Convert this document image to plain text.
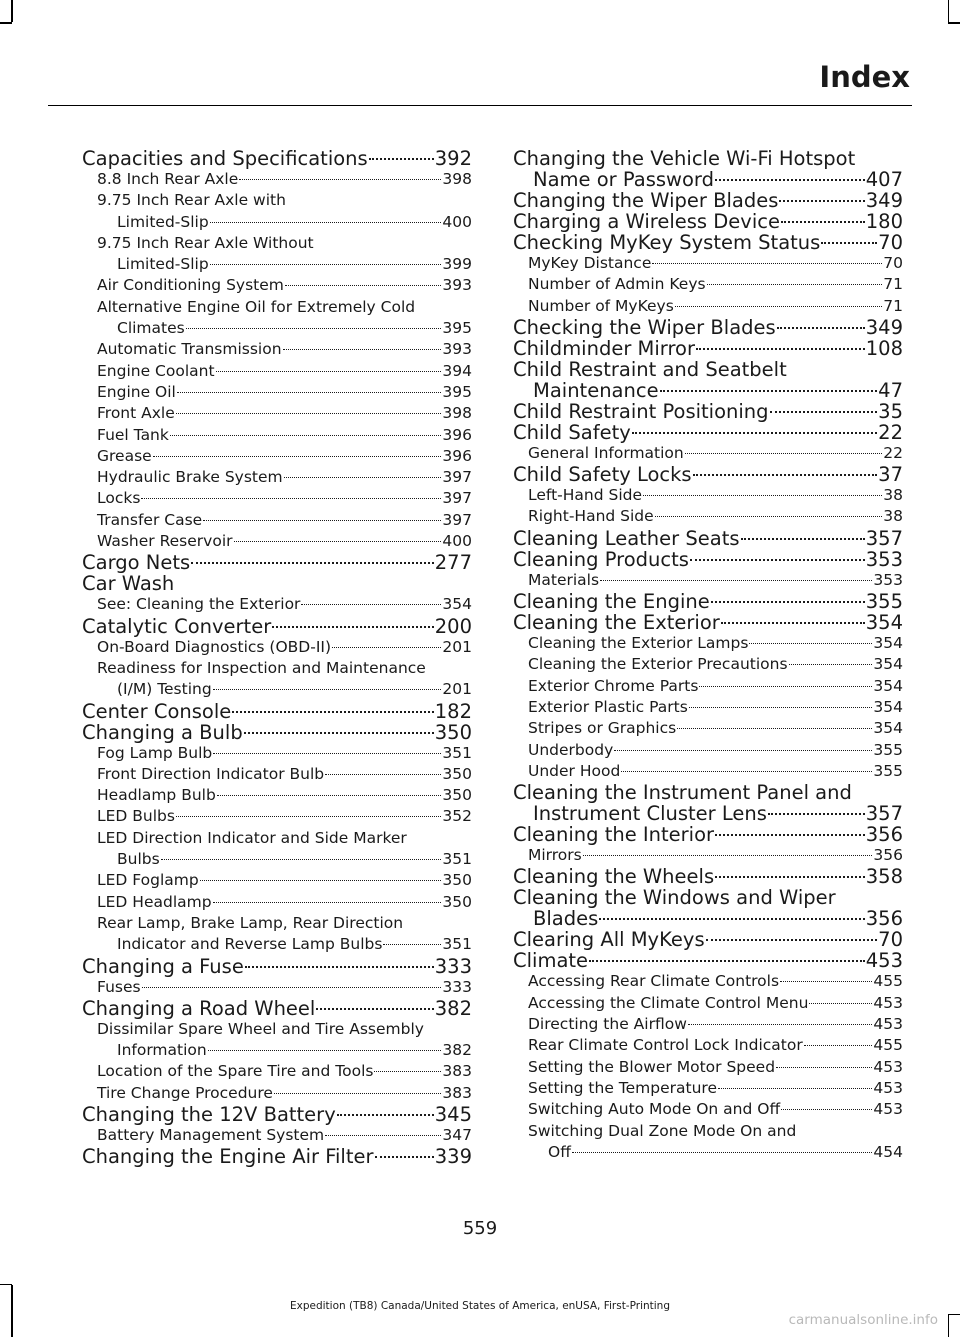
Index
Capacities and Specifications	392
8.8 Inch Rear Axle	398
9.75 Inch Rear Axle with
Limited-Slip	400
9.75 Inch Rear Axle Without
Limited-Slip	399
Air Conditioning System	393
Alternative Engine Oil for Extremely Cold
Climates	395
Automatic Transmission	393
Engine Coolant	394
Engine Oil	395
Front Axle	398
Fuel Tank	396
Grease	396
Hydraulic Brake System	397
Locks	397
Transfer Case	397
Washer Reservoir	400
Cargo Nets	277
Car Wash
See: Cleaning the Exterior	354
Catalytic Converter	200
On-Board Diagnostics (OBD-II)	201
Readiness for Inspection and Maintenance
(I/M) Testing	201
Center Console	182
Changing a Bulb	350
Fog Lamp Bulb	351
Front Direction Indicator Bulb	350
Headlamp Bulb	350
LED Bulbs	352
LED Direction Indicator and Side Marker
Bulbs	351
LED Foglamp	350
LED Headlamp	350
Rear Lamp, Brake Lamp, Rear Direction
Indicator and Reverse Lamp Bulbs	351
Changing a Fuse	333
Fuses	333
Changing a Road Wheel	382
Dissimilar Spare Wheel and Tire Assembly
Information	382
Location of the Spare Tire and Tools	383
Tire Change Procedure	383
Changing the 12V Battery	345
Battery Management System	347
Changing the Engine Air Filter	339
Changing the Vehicle Wi-Fi Hotspot
Name or Password	407
Changing the Wiper Blades	349
Charging a Wireless Device	180
Checking MyKey System Status	70
MyKey Distance	70
Number of Admin Keys	71
Number of MyKeys	71
Checking the Wiper Blades	349
Childminder Mirror	108
Child Restraint and Seatbelt
Maintenance	47
Child Restraint Positioning	35
Child Safety	22
General Information	22
Child Safety Locks	37
Left-Hand Side	38
Right-Hand Side	38
Cleaning Leather Seats	357
Cleaning Products	353
Materials	353
Cleaning the Engine	355
Cleaning the Exterior	354
Cleaning the Exterior Lamps	354
Cleaning the Exterior Precautions	354
Exterior Chrome Parts	354
Exterior Plastic Parts	354
Stripes or Graphics	354
Underbody	355
Under Hood	355
Cleaning the Instrument Panel and
Instrument Cluster Lens	357
Cleaning the Interior	356
Mirrors	356
Cleaning the Wheels	358
Cleaning the Windows and Wiper
Blades	356
Clearing All MyKeys	70
Climate	453
Accessing Rear Climate Controls	455
Accessing the Climate Control Menu	453
Directing the Airflow	453
Rear Climate Control Lock Indicator	455
Setting the Blower Motor Speed	453
Setting the Temperature	453
Switching Auto Mode On and Off	453
Switching Dual Zone Mode On and
Off	454
559
Expedition (TB8) Canada/United States of America, enUSA, First-Printing
carmanualsonline.info
